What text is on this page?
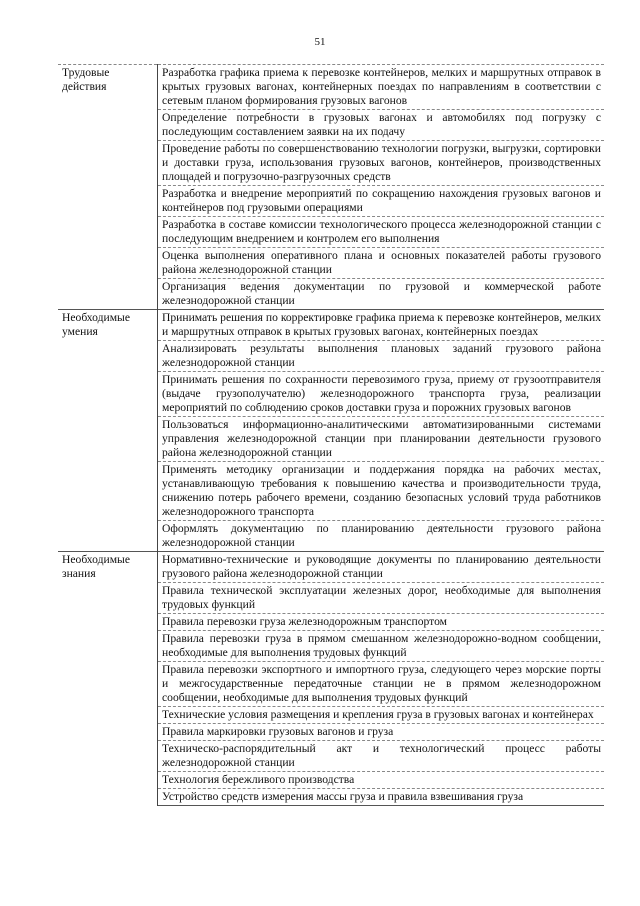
51
Трудовые действия	Разработка графика приема к перевозке контейнеров, мелких и маршрутных отправок в крытых грузовых вагонах, контейнерных поездах по направлениям в соответствии с сетевым планом формирования грузовых вагонов
	Определение потребности в грузовых вагонах и автомобилях под погрузку с последующим составлением заявки на их подачу
	Проведение работы по совершенствованию технологии погрузки, выгрузки, сортировки и доставки груза, использования грузовых вагонов, контейнеров, производственных площадей и погрузочно-разгрузочных средств
	Разработка и внедрение мероприятий по сокращению нахождения грузовых вагонов и контейнеров под грузовыми операциями
	Разработка в составе комиссии технологического процесса железнодорожной станции с последующим внедрением и контролем его выполнения
	Оценка выполнения оперативного плана и основных показателей работы грузового района железнодорожной станции
	Организация ведения документации по грузовой и коммерческой работе железнодорожной станции
Необходимые умения	Принимать решения по корректировке графика приема к перевозке контейнеров, мелких и маршрутных отправок в крытых грузовых вагонах, контейнерных поездах
	Анализировать результаты выполнения плановых заданий грузового района железнодорожной станции
	Принимать решения по сохранности перевозимого груза, приему от грузоотправителя (выдаче грузополучателю) железнодорожного транспорта груза, реализации мероприятий по соблюдению сроков доставки груза и порожних грузовых вагонов
	Пользоваться информационно-аналитическими автоматизированными системами управления железнодорожной станции при планировании деятельности грузового района железнодорожной станции
	Применять методику организации и поддержания порядка на рабочих местах, устанавливающую требования к повышению качества и производительности труда, снижению потерь рабочего времени, созданию безопасных условий труда работников железнодорожного транспорта
	Оформлять документацию по планированию деятельности грузового района железнодорожной станции
Необходимые знания	Нормативно-технические и руководящие документы по планированию деятельности грузового района железнодорожной станции
	Правила технической эксплуатации железных дорог, необходимые для выполнения трудовых функций
	Правила перевозки груза железнодорожным транспортом
	Правила перевозки груза в прямом смешанном железнодорожно-водном сообщении, необходимые для выполнения трудовых функций
	Правила перевозки экспортного и импортного груза, следующего через морские порты и межгосударственные передаточные станции не в прямом железнодорожном сообщении, необходимые для выполнения трудовых функций
	Технические условия размещения и крепления груза в грузовых вагонах и контейнерах
	Правила маркировки грузовых вагонов и груза
	Техническо-распорядительный акт и технологический процесс работы железнодорожной станции
	Технология бережливого производства
	Устройство средств измерения массы груза и правила взвешивания груза
